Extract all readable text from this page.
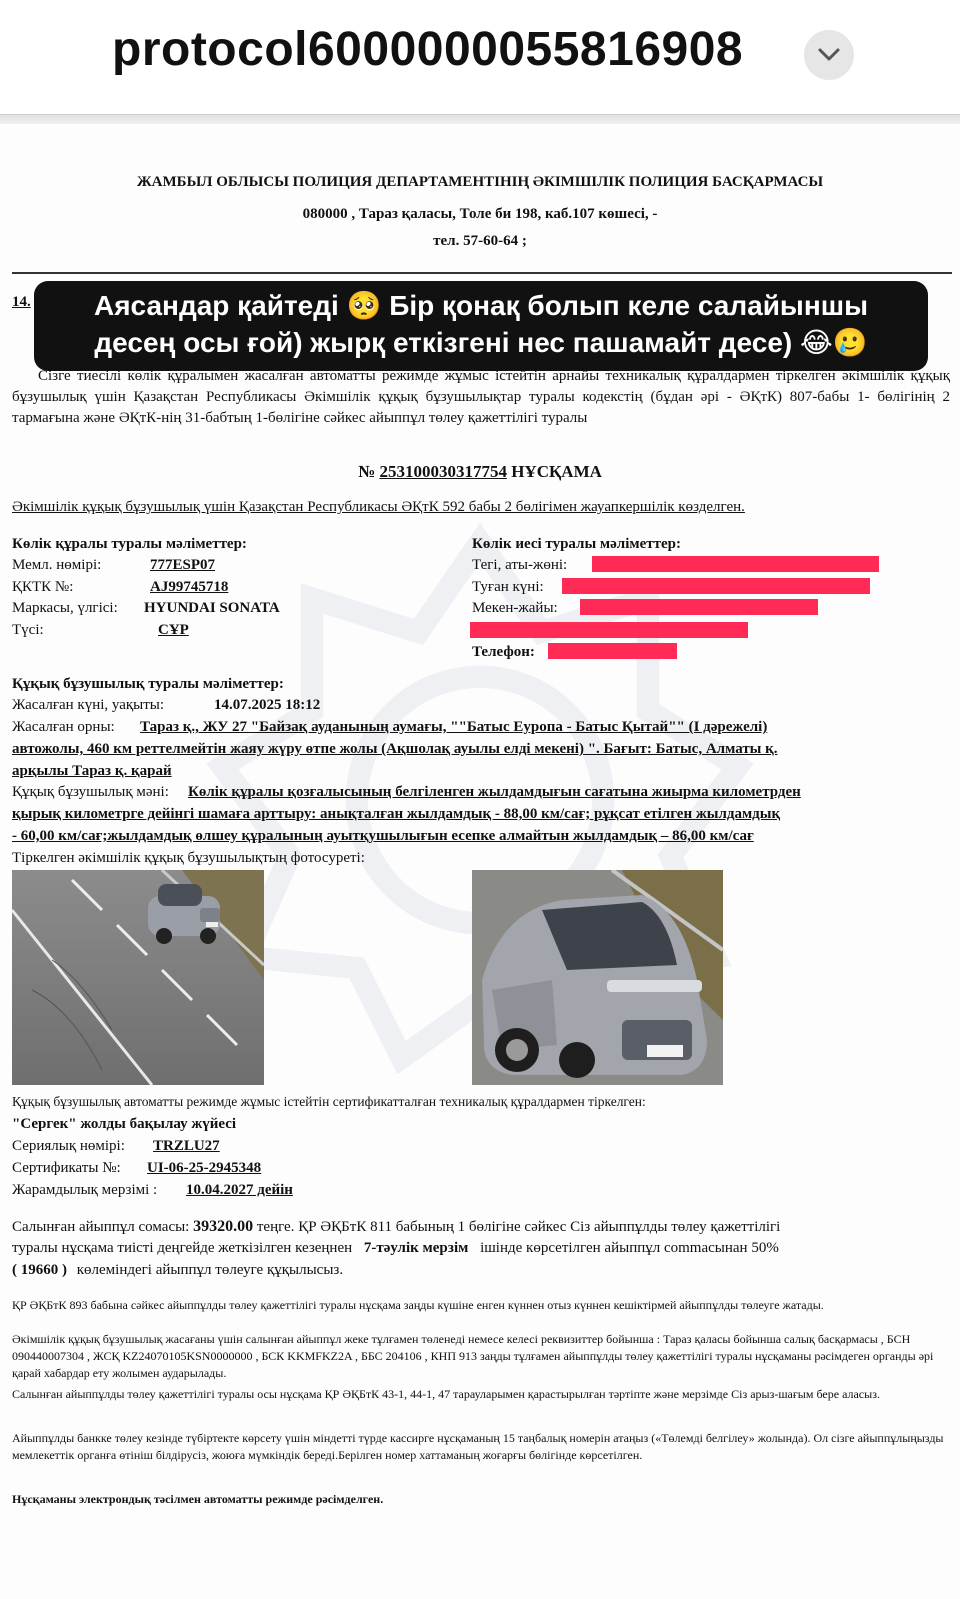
protocol6000000055816908
ЖАМБЫЛ ОБЛЫСЫ ПОЛИЦИЯ ДЕПАРТАМЕНТІНІҢ ӘКІМШІЛІК ПОЛИЦИЯ БАСҚАРМАСЫ
080000 , Тараз қаласы, Толе би 198, каб.107 көшесі, -
тел. 57-60-64 ;
14.	Аясандар қайтеді 🥺 Бір қонақ болып келе салайыншы
десең осы ғой) жырқ еткізгені нес пашамайт десе) 😂🥲
Сізге тиесілі көлік құралымен жасалған автоматты режимде жұмыс істейтін арнайы техникалық құралдармен тіркелген әкімшілік құқық бұзушылық үшін Қазақстан Республикасы Әкімшілік құқық бұзушылықтар туралы кодекстің (бұдан әрі - ӘҚтК) 807-бабы 1- бөлігінің 2 тармағына және ӘҚтК-нің 31-бабтың 1-бөлігіне сәйкес айыппұл төлеу қажеттілігі туралы
№ 253100030317754 НҰСҚАМА
Әкімшілік құқық бұзушылық үшін Қазақстан Республикасы ӘҚтК 592 бабы 2 бөлігімен жауапкершілік көзделген.
Көлік құралы туралы мәліметтер:
Мемл. нөмірі:	777ESP07
ҚКТК №:	AJ99745718
Маркасы, үлгісі: HYUNDAI SONATA
Түсі:	СҰР
Көлік иесі туралы мәліметтер:
Тегі, аты-жөні:
Туған күні:
Мекен-жайы:
Телефон:
Құқық бұзушылық туралы мәліметтер:
Жасалған күні, уақыты:	14.07.2025 18:12
Жасалған орны: Тараз қ., ЖУ 27 "Байзақ ауданының аумағы, ""Батыс Еуропа - Батыс Қытай"" (І дәрежелі)
автожолы, 460 км реттелмейтін жаяу жүру өтпе жолы (Ақшолақ ауылы елді мекені) ". Бағыт: Батыс, Алматы қ.
арқылы Тараз қ. қарай
Құқық бұзушылық мәні: Көлік құралы қозғалысының белгіленген жылдамдығын сағатына жиырма километрден
қырық километрге дейінгі шамаға арттыру: анықталған жылдамдық - 88,00 км/сағ; рұқсат етілген жылдамдық
- 60,00 км/сағ;жылдамдық өлшеу құралының ауытқушылығын есепке алмайтын жылдамдық – 86,00 км/сағ
Тіркелген әкімшілік құқық бұзушылықтың фотосуреті:
Құқық бұзушылық автоматты режимде жұмыс істейтін сертификатталған техникалық құралдармен тіркелген:
"Сергек" жолды бақылау жүйесі
Сериялық нөмірі: TRZLU27
Сертификаты №: UI-06-25-2945348
Жарамдылық мерзімі : 10.04.2027 дейін
Салынған айыппұл сомасы: 39320.00 теңге. ҚР ӘҚБтК 811 бабының 1 бөлігіне сәйкес Сіз айыппұлды төлеу қажеттілігі
туралы нұсқама тиісті деңгейде жеткізілген кезеңнен 7-тәулік мерзім ішінде көрсетілген айыппұл сommасынан 50%
( 19660 ) көлеміндегі айыппұл төлеуге құқылысыз.
ҚР ӘҚБтК 893 бабына сәйкес айыппұлды төлеу қажеттілігі туралы нұсқама заңды күшіне енген күннен отыз күннен кешіктірмей айыппұлды төлеуге жатады.
Әкімшілік құқық бұзушылық жасағаны үшін салынған айыппұл жеке тұлғамен төленеді немесе келесі реквизиттер бойынша : Тараз қаласы бойынша салық басқармасы , БСН 090440007304 , ЖСҚ KZ24070105KSN0000000 , БСК KKMFKZ2A , ББС 204106 , КНП 913 заңды тұлғамен айыппұлды төлеу қажеттілігі туралы нұсқаманы рәсімдеген органды әрі қарай хабардар ету жолымен аударылады.
Салынған айыппұлды төлеу қажеттілігі туралы осы нұсқама ҚР ӘҚБтК 43-1, 44-1, 47 тарауларымен қарастырылған тәртіпте және мерзімде Сіз арыз-шағым бере аласыз.
Айыппұлды банкке төлеу кезінде түбіртекте көрсету үшін міндетті түрде кассирге нұсқаманың 15 таңбалық номерін атаңыз («Төлемді белгілеу» жолында). Ол сізге айыппұлыңызды мемлекеттік органға өтініш білдірусіз, жоюға мүмкіндік береді.Берілген номер хаттаманың жоғарғы бөлігінде көрсетілген.
Нұсқаманы электрондық тәсілмен автоматты режимде рәсімделген.
